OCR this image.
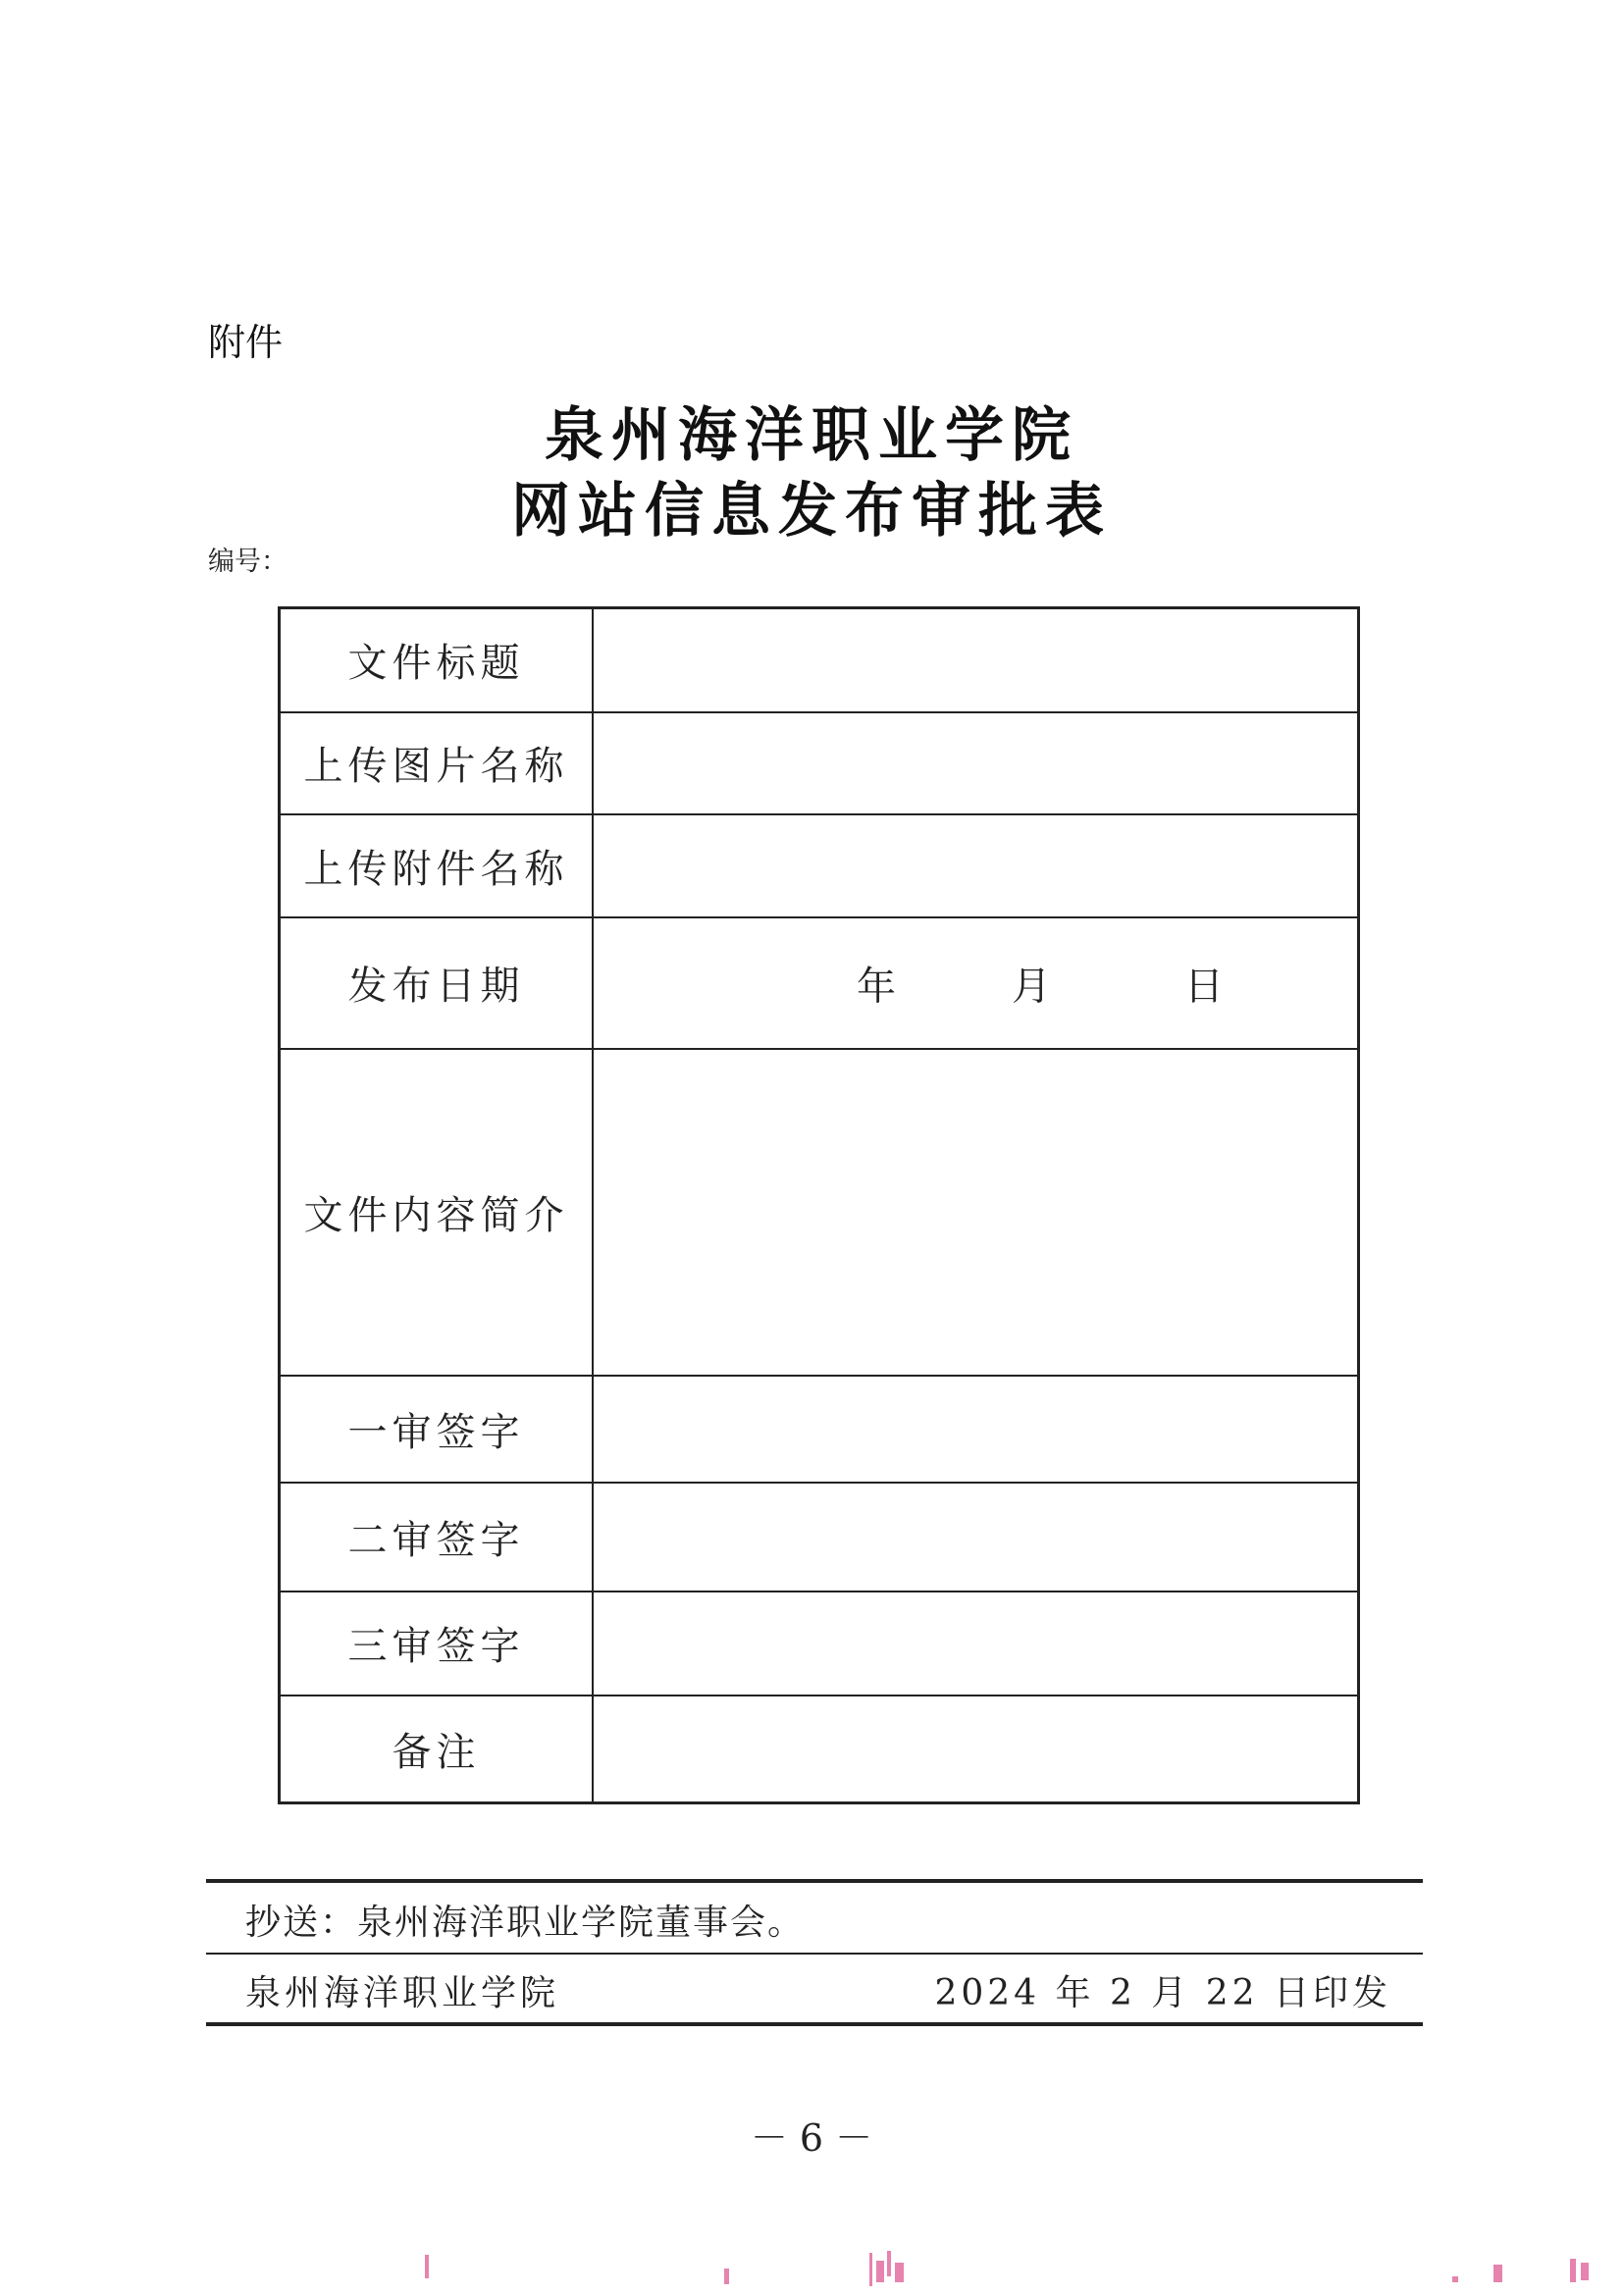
附件
泉州海洋职业学院
网站信息发布审批表
编号：
文件标题	
上传图片名称	
上传附件名称	
发布日期	年 月 日

文件内容简介	
一审签字	
二审签字	
三审签字	
备注	
抄送：泉州海洋职业学院董事会。
泉州海洋职业学院	2024 年 2 月 22 日印发
－ 6 －
